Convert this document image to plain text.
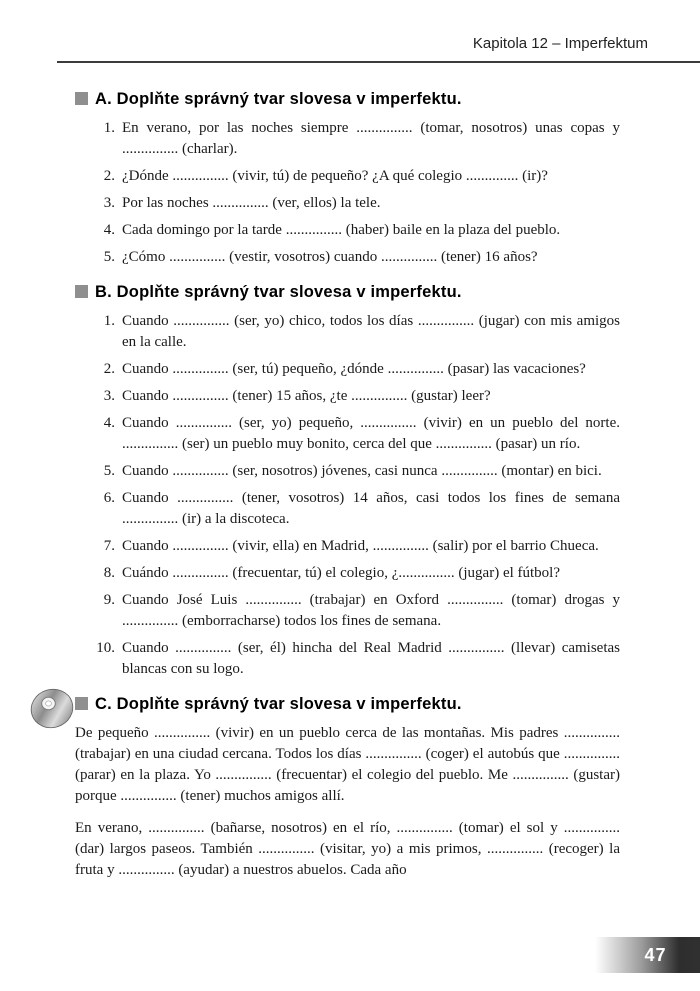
Kapitola 12 – Imperfektum
A. Doplňte správný tvar slovesa v imperfektu.
En verano, por las noches siempre ............... (tomar, nosotros) unas copas y ............... (charlar).
¿Dónde ............... (vivir, tú) de pequeño? ¿A qué colegio .............. (ir)?
Por las noches ............... (ver, ellos) la tele.
Cada domingo por la tarde ............... (haber) baile en la plaza del pueblo.
¿Cómo ............... (vestir, vosotros) cuando ............... (tener) 16 años?
B. Doplňte správný tvar slovesa v imperfektu.
Cuando ............... (ser, yo) chico, todos los días ............... (jugar) con mis amigos en la calle.
Cuando ............... (ser, tú) pequeño, ¿dónde ............... (pasar) las vacaciones?
Cuando ............... (tener) 15 años, ¿te ............... (gustar) leer?
Cuando ............... (ser, yo) pequeño, ............... (vivir) en un pueblo del norte. ............... (ser) un pueblo muy bonito, cerca del que ............... (pasar) un río.
Cuando ............... (ser, nosotros) jóvenes, casi nunca ............... (montar) en bici.
Cuando ............... (tener, vosotros) 14 años, casi todos los fines de semana ............... (ir) a la discoteca.
Cuando ............... (vivir, ella) en Madrid, ............... (salir) por el barrio Chueca.
Cuándo ............... (frecuentar, tú) el colegio, ¿............... (jugar) el fútbol?
Cuando José Luis ............... (trabajar) en Oxford ............... (tomar) drogas y ............... (emborracharse) todos los fines de semana.
Cuando ............... (ser, él) hincha del Real Madrid ............... (llevar) camisetas blancas con su logo.
C. Doplňte správný tvar slovesa v imperfektu.

De pequeño ............... (vivir) en un pueblo cerca de las montañas. Mis padres ............... (trabajar) en una ciudad cercana. Todos los días ............... (coger) el autobús que ............... (parar) en la plaza. Yo ............... (frecuentar) el colegio del pueblo. Me ............... (gustar) porque ............... (tener) muchos amigos allí.

En verano, ............... (bañarse, nosotros) en el río, ............... (tomar) el sol y ............... (dar) largos paseos. También ............... (visitar, yo) a mis primos, ............... (recoger) la fruta y ............... (ayudar) a nuestros abuelos. Cada año

47
